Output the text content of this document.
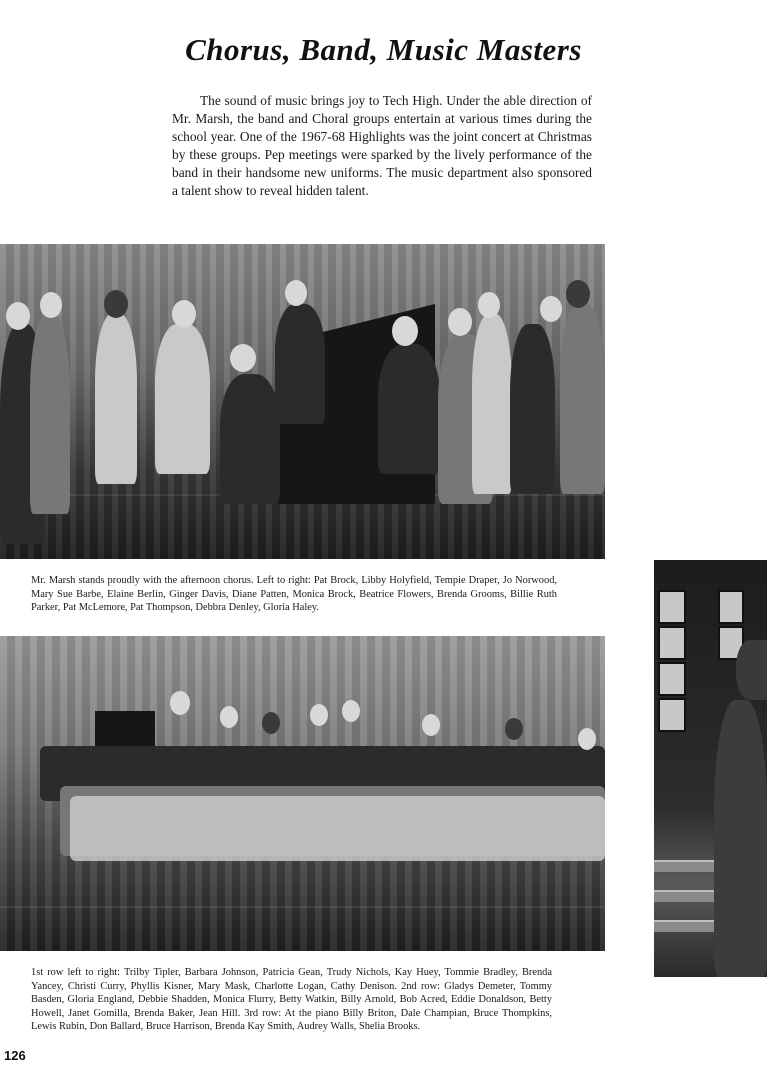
Chorus, Band, Music Masters

The sound of music brings joy to Tech High. Under the able direction of Mr. Marsh, the band and Choral groups entertain at various times during the school year. One of the 1967-68 Highlights was the joint concert at Christmas by these groups. Pep meetings were sparked by the lively performance of the band in their handsome new uniforms. The music department also sponsored a talent show to reveal hidden talent.

Mr. Marsh stands proudly with the afternoon chorus. Left to right: Pat Brock, Libby Holyfield, Tempie Draper, Jo Norwood, Mary Sue Barbe, Elaine Berlin, Ginger Davis, Diane Patten, Monica Brock, Beatrice Flowers, Brenda Grooms, Billie Ruth Parker, Pat McLemore, Pat Thompson, Debbra Denley, Gloria Haley.

1st row left to right: Trilby Tipler, Barbara Johnson, Patricia Gean, Trudy Nichols, Kay Huey, Tommie Bradley, Brenda Yancey, Christi Curry, Phyllis Kisner, Mary Mask, Charlotte Logan, Cathy Denison. 2nd row: Gladys Demeter, Tommy Basden, Gloria England, Debbie Shadden, Monica Flurry, Betty Watkin, Billy Arnold, Bob Acred, Eddie Donaldson, Betty Howell, Janet Gomilla, Brenda Baker, Jean Hill. 3rd row: At the piano Billy Briton, Dale Champian, Bruce Thompkins, Lewis Rubin, Don Ballard, Bruce Harrison, Brenda Kay Smith, Audrey Walls, Shelia Brooks.

126
